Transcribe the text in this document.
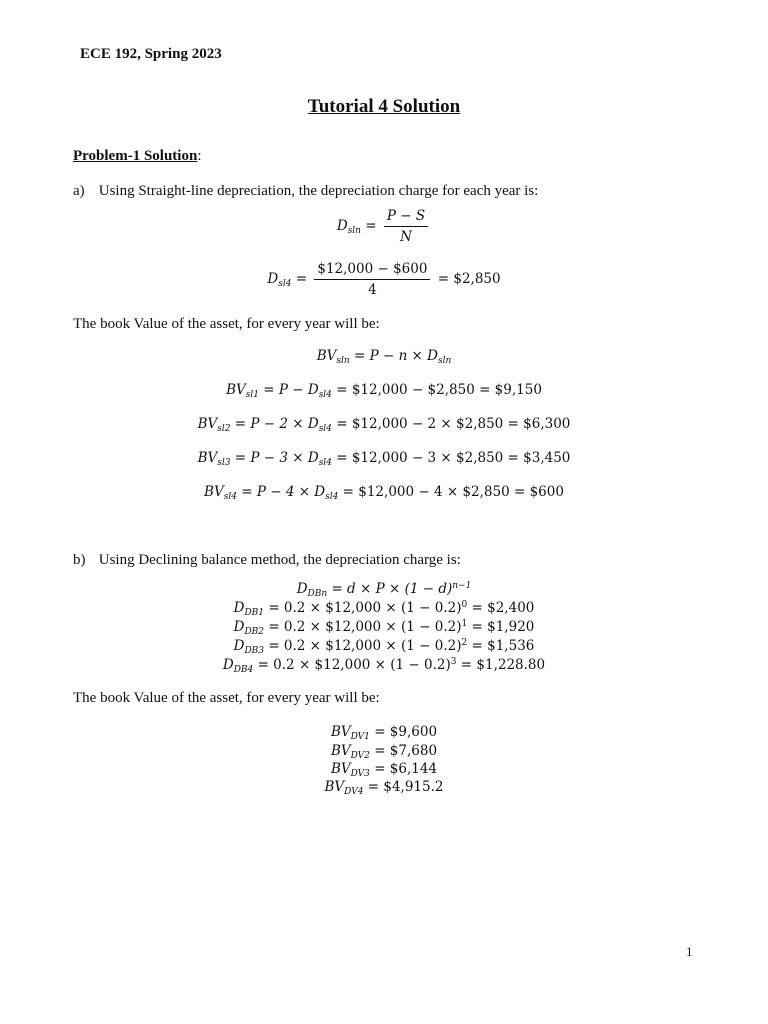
ECE 192, Spring 2023
Tutorial 4 Solution
Problem-1 Solution:
a) Using Straight-line depreciation, the depreciation charge for each year is:
$D_{sln} = \frac{P - S}{N}$
$D_{sl4} = \frac{\$12,000 - \$600}{4}$ = $2,850
The book Value of the asset, for every year will be:
$BV_{sln} = P - n \times D_{sln}$
$BV_{sl1} = P - D_{sl4}$ = $12,000 − $2,850 = $9,150
$BV_{sl2} = P - 2 \times D_{sl4}$ = $12,000 − 2 × $2,850 = $6,300
$BV_{sl3} = P - 3 \times D_{sl4}$ = $12,000 − 3 × $2,850 = $3,450
$BV_{sl4} = P - 4 \times D_{sl4}$ = $12,000 − 4 × $2,850 = $600
b) Using Declining balance method, the depreciation charge is:
$D_{DBn} = d \times P \times (1 - d)^{n-1}$
$D_{DB1} = 0.2$ × $12,000 × $(1 - 0.2)^0$ = $2,400
$D_{DB2} = 0.2$ × $12,000 × $(1 - 0.2)^1$ = $1,920
$D_{DB3} = 0.2$ × $12,000 × $(1 - 0.2)^2$ = $1,536
$D_{DB4} = 0.2$ × $12,000 × $(1 - 0.2)^3$ = $1,228.80
The book Value of the asset, for every year will be:
$BV_{DV1}$ = $9,600
$BV_{DV2}$ = $7,680
$BV_{DV3}$ = $6,144
$BV_{DV4}$ = $4,915.2
1
